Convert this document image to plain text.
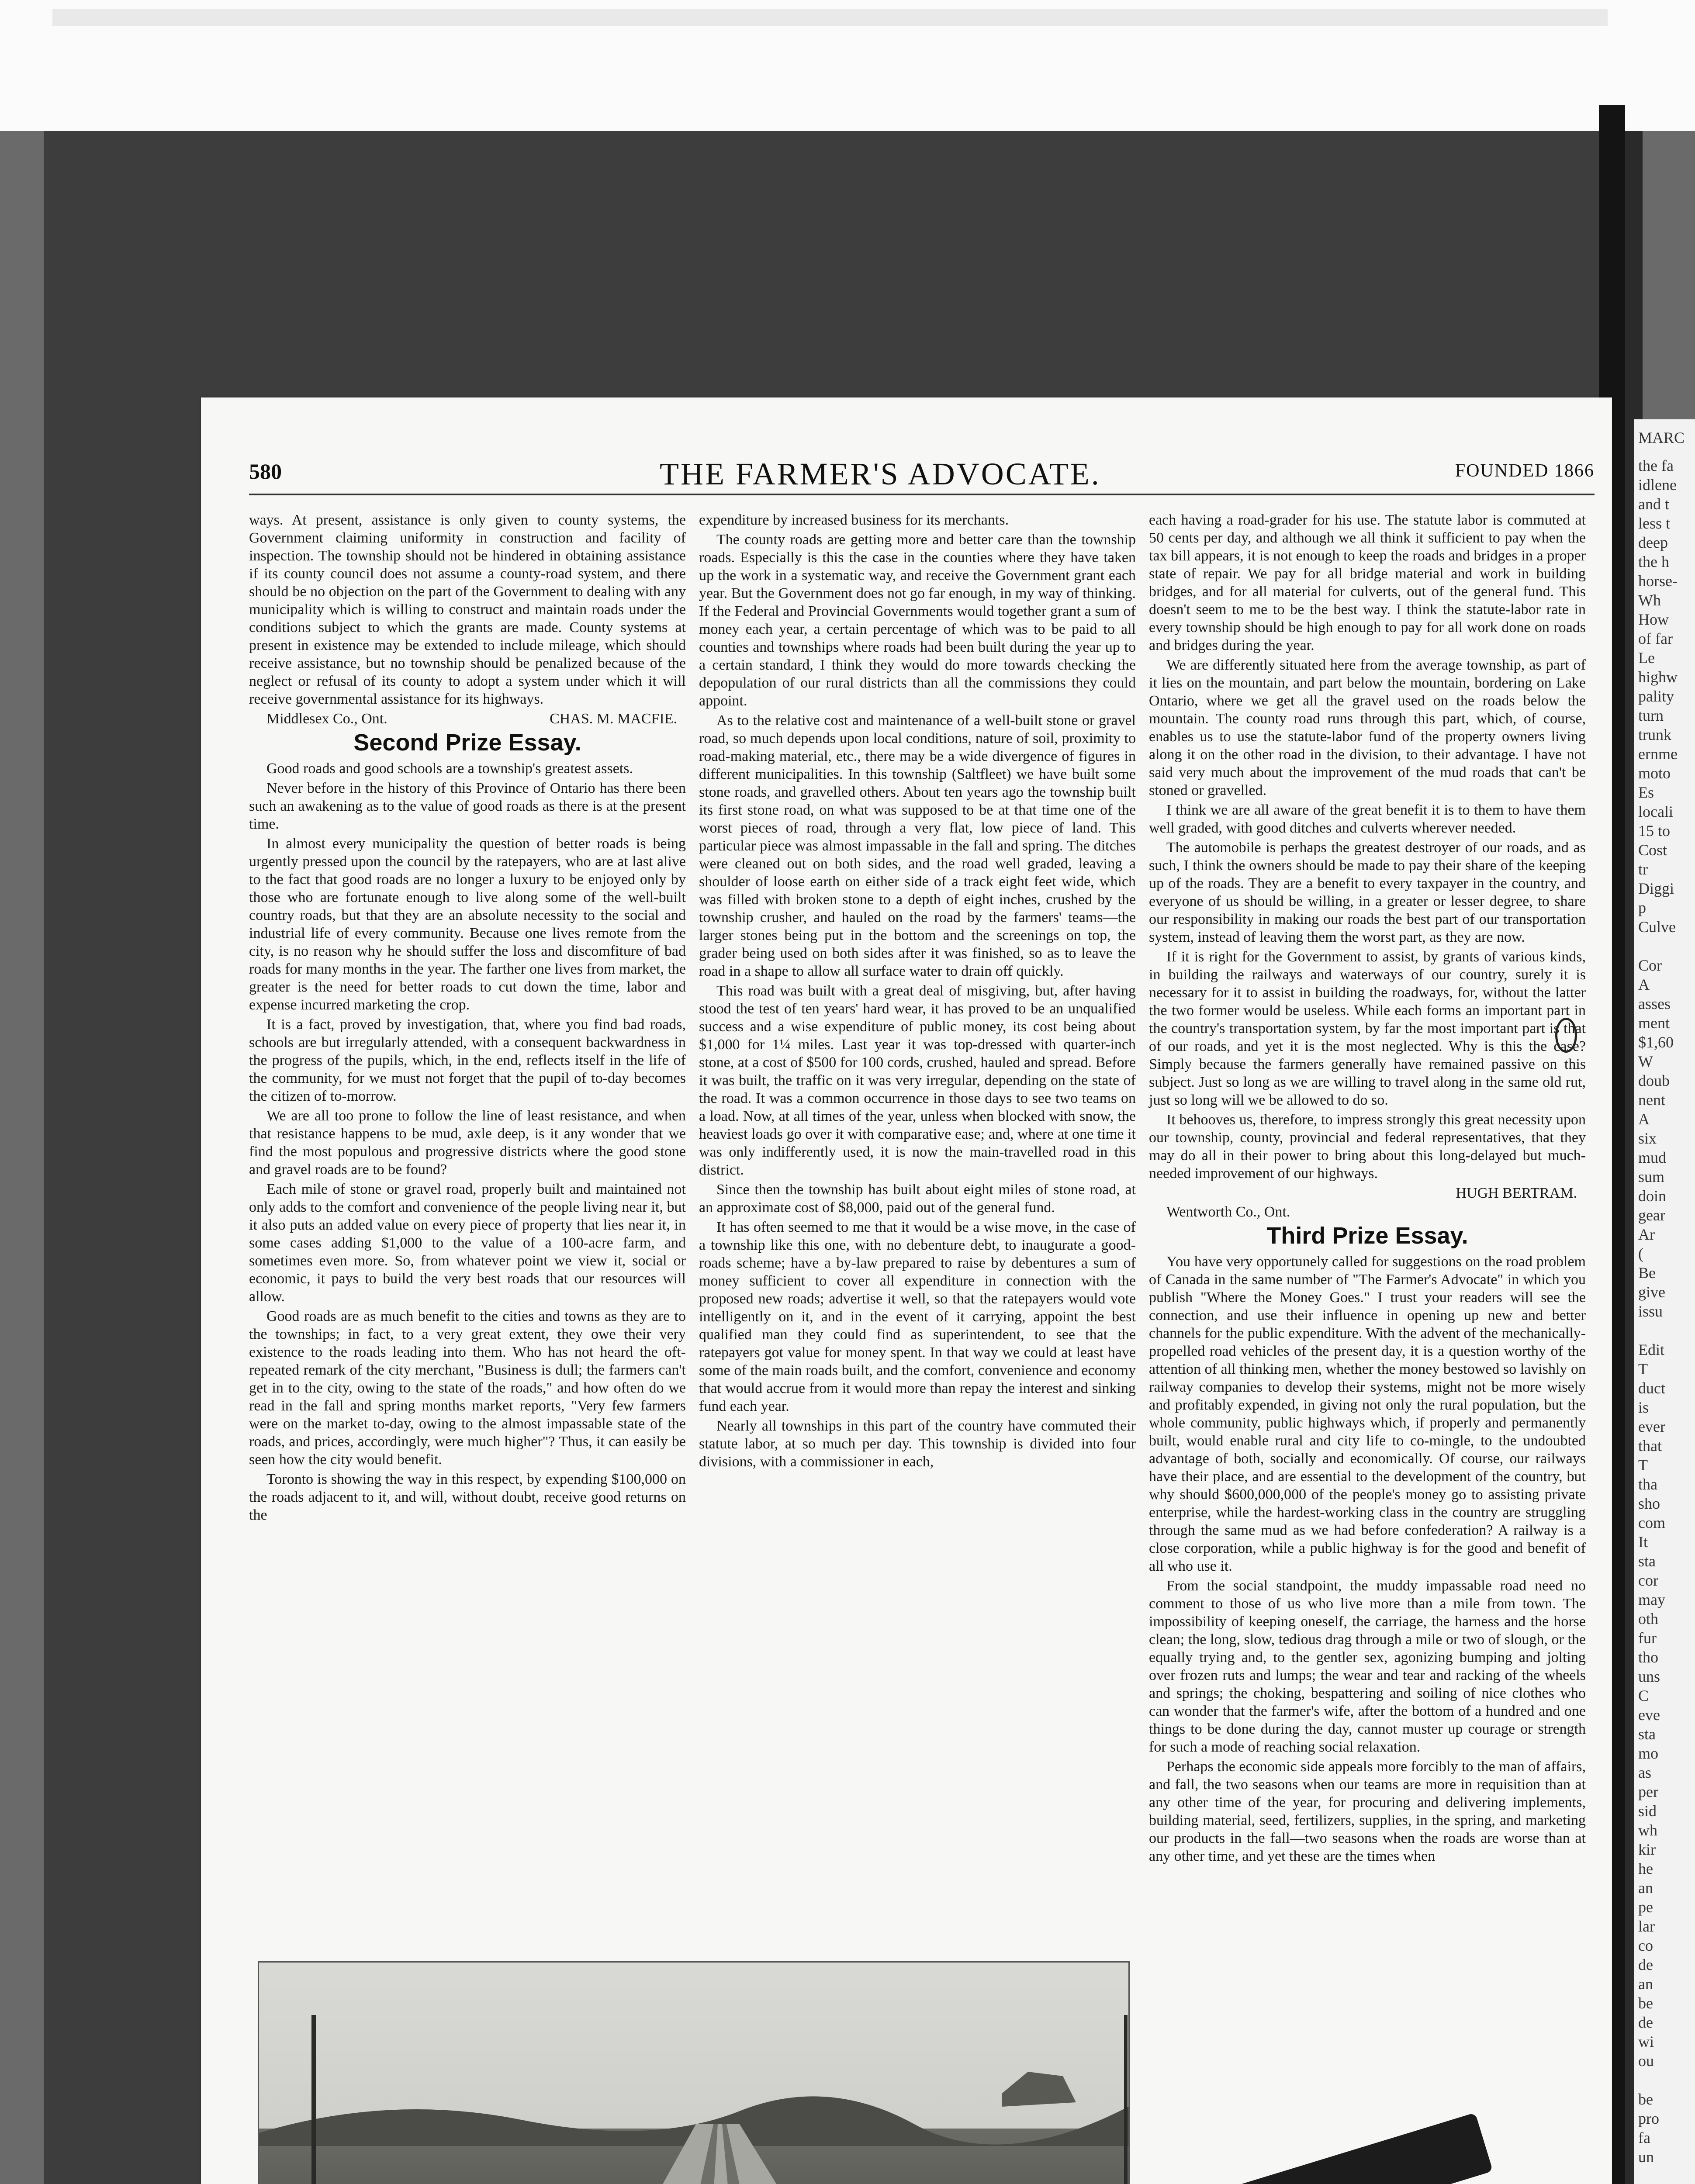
MARC
the fa
idlene
and t
less t
deep
the h
horse-
Wh
How
of far
Le
highw
pality
turn
trunk
ernme
moto
Es
locali
15 to
Cost
tr
Diggi
p
Culve

Cor
A
asses
ment
$1,60
W
doub
nent
A
six
mud
sum
doin
gear
Ar
(
Be
give
issu

Edit
T
duct
is
ever
that
T
tha
sho
com
It
sta
cor
may
oth
fur
tho
uns
C
eve
sta
mo
as
per
sid
wh
kir
he
an
pe
lar
co
de
an
be
de
wi
ou

be
pro
fa
un
580	THE FARMER'S ADVOCATE.	FOUNDED 1866

ways. At present, assistance is only given to county systems, the Government claiming uniformity in construction and facility of inspection. The township should not be hindered in obtaining assistance if its county council does not assume a county-road system, and there should be no objection on the part of the Government to dealing with any municipality which is willing to construct and maintain roads under the conditions subject to which the grants are made. County systems at present in existence may be extended to include mileage, which should receive assistance, but no township should be penalized because of the neglect or refusal of its county to adopt a system under which it will receive governmental assistance for its highways.

Middlesex Co., Ont.	CHAS. M. MACFIE.
Second Prize Essay.

Good roads and good schools are a township's greatest assets.

Never before in the history of this Province of Ontario has there been such an awakening as to the value of good roads as there is at the present time.

In almost every municipality the question of better roads is being urgently pressed upon the council by the ratepayers, who are at last alive to the fact that good roads are no longer a luxury to be enjoyed only by those who are fortunate enough to live along some of the well-built country roads, but that they are an absolute necessity to the social and industrial life of every community. Because one lives remote from the city, is no reason why he should suffer the loss and discomfiture of bad roads for many months in the year. The farther one lives from market, the greater is the need for better roads to cut down the time, labor and expense incurred marketing the crop.

It is a fact, proved by investigation, that, where you find bad roads, schools are but irregularly attended, with a consequent backwardness in the progress of the pupils, which, in the end, reflects itself in the life of the community, for we must not forget that the pupil of to-day becomes the citizen of to-morrow.

We are all too prone to follow the line of least resistance, and when that resistance happens to be mud, axle deep, is it any wonder that we find the most populous and progressive districts where the good stone and gravel roads are to be found?

Each mile of stone or gravel road, properly built and maintained not only adds to the comfort and convenience of the people living near it, but it also puts an added value on every piece of property that lies near it, in some cases adding $1,000 to the value of a 100-acre farm, and sometimes even more. So, from whatever point we view it, social or economic, it pays to build the very best roads that our resources will allow.

Good roads are as much benefit to the cities and towns as they are to the townships; in fact, to a very great extent, they owe their very existence to the roads leading into them. Who has not heard the oft-repeated remark of the city merchant, "Business is dull; the farmers can't get in to the city, owing to the state of the roads," and how often do we read in the fall and spring months market reports, "Very few farmers were on the market to-day, owing to the almost impassable state of the roads, and prices, accordingly, were much higher"? Thus, it can easily be seen how the city would benefit.

Toronto is showing the way in this respect, by expending $100,000 on the roads adjacent to it, and will, without doubt, receive good returns on the

expenditure by increased business for its merchants.

The county roads are getting more and better care than the township roads. Especially is this the case in the counties where they have taken up the work in a systematic way, and receive the Government grant each year. But the Government does not go far enough, in my way of thinking. If the Federal and Provincial Governments would together grant a sum of money each year, a certain percentage of which was to be paid to all counties and townships where roads had been built during the year up to a certain standard, I think they would do more towards checking the depopulation of our rural districts than all the commissions they could appoint.

As to the relative cost and maintenance of a well-built stone or gravel road, so much depends upon local conditions, nature of soil, proximity to road-making material, etc., there may be a wide divergence of figures in different municipalities. In this township (Saltfleet) we have built some stone roads, and gravelled others. About ten years ago the township built its first stone road, on what was supposed to be at that time one of the worst pieces of road, through a very flat, low piece of land. This particular piece was almost impassable in the fall and spring. The ditches were cleaned out on both sides, and the road well graded, leaving a shoulder of loose earth on either side of a track eight feet wide, which was filled with broken stone to a depth of eight inches, crushed by the township crusher, and hauled on the road by the farmers' teams—the larger stones being put in the bottom and the screenings on top, the grader being used on both sides after it was finished, so as to leave the road in a shape to allow all surface water to drain off quickly.

This road was built with a great deal of misgiving, but, after having stood the test of ten years' hard wear, it has proved to be an unqualified success and a wise expenditure of public money, its cost being about $1,000 for 1¼ miles. Last year it was top-dressed with quarter-inch stone, at a cost of $500 for 100 cords, crushed, hauled and spread. Before it was built, the traffic on it was very irregular, depending on the state of the road. It was a common occurrence in those days to see two teams on a load. Now, at all times of the year, unless when blocked with snow, the heaviest loads go over it with comparative ease; and, where at one time it was only indifferently used, it is now the main-travelled road in this district.

Since then the township has built about eight miles of stone road, at an approximate cost of $8,000, paid out of the general fund.

It has often seemed to me that it would be a wise move, in the case of a township like this one, with no debenture debt, to inaugurate a good-roads scheme; have a by-law prepared to raise by debentures a sum of money sufficient to cover all expenditure in connection with the proposed new roads; advertise it well, so that the ratepayers would vote intelligently on it, and in the event of it carrying, appoint the best qualified man they could find as superintendent, to see that the ratepayers got value for money spent. In that way we could at least have some of the main roads built, and the comfort, convenience and economy that would accrue from it would more than repay the interest and sinking fund each year.

Nearly all townships in this part of the country have commuted their statute labor, at so much per day. This township is divided into four divisions, with a commissioner in each,

each having a road-grader for his use. The statute labor is commuted at 50 cents per day, and although we all think it sufficient to pay when the tax bill appears, it is not enough to keep the roads and bridges in a proper state of repair. We pay for all bridge material and work in building bridges, and for all material for culverts, out of the general fund. This doesn't seem to me to be the best way. I think the statute-labor rate in every township should be high enough to pay for all work done on roads and bridges during the year.

We are differently situated here from the average township, as part of it lies on the mountain, and part below the mountain, bordering on Lake Ontario, where we get all the gravel used on the roads below the mountain. The county road runs through this part, which, of course, enables us to use the statute-labor fund of the property owners living along it on the other road in the division, to their advantage. I have not said very much about the improvement of the mud roads that can't be stoned or gravelled.

I think we are all aware of the great benefit it is to them to have them well graded, with good ditches and culverts wherever needed.

The automobile is perhaps the greatest destroyer of our roads, and as such, I think the owners should be made to pay their share of the keeping up of the roads. They are a benefit to every taxpayer in the country, and everyone of us should be willing, in a greater or lesser degree, to share our responsibility in making our roads the best part of our transportation system, instead of leaving them the worst part, as they are now.

If it is right for the Government to assist, by grants of various kinds, in building the railways and waterways of our country, surely it is necessary for it to assist in building the roadways, for, without the latter the two former would be useless. While each forms an important part in the country's transportation system, by far the most important part is that of our roads, and yet it is the most neglected. Why is this the case? Simply because the farmers generally have remained passive on this subject. Just so long as we are willing to travel along in the same old rut, just so long will we be allowed to do so.

It behooves us, therefore, to impress strongly this great necessity upon our township, county, provincial and federal representatives, that they may do all in their power to bring about this long-delayed but much-needed improvement of our highways.

HUGH BERTRAM.
Wentworth Co., Ont.
Third Prize Essay.

You have very opportunely called for suggestions on the road problem of Canada in the same number of "The Farmer's Advocate" in which you publish "Where the Money Goes." I trust your readers will see the connection, and use their influence in opening up new and better channels for the public expenditure. With the advent of the mechanically-propelled road vehicles of the present day, it is a question worthy of the attention of all thinking men, whether the money bestowed so lavishly on railway companies to develop their systems, might not be more wisely and profitably expended, in giving not only the rural population, but the whole community, public highways which, if properly and permanently built, would enable rural and city life to co-mingle, to the undoubted advantage of both, socially and economically. Of course, our railways have their place, and are essential to the development of the country, but why should $600,000,000 of the people's money go to assisting private enterprise, while the hardest-working class in the country are struggling through the same mud as we had before confederation? A railway is a close corporation, while a public highway is for the good and benefit of all who use it.

From the social standpoint, the muddy impassable road need no comment to those of us who live more than a mile from town. The impossibility of keeping oneself, the carriage, the harness and the horse clean; the long, slow, tedious drag through a mile or two of slough, or the equally trying and, to the gentler sex, agonizing bumping and jolting over frozen ruts and lumps; the wear and tear and racking of the wheels and springs; the choking, bespattering and soiling of nice clothes who can wonder that the farmer's wife, after the bottom of a hundred and one things to be done during the day, cannot muster up courage or strength for such a mode of reaching social relaxation.

Perhaps the economic side appeals more forcibly to the man of affairs, and fall, the two seasons when our teams are more in requisition than at any other time of the year, for procuring and delivering implements, building material, seed, fertilizers, supplies, in the spring, and marketing our products in the fall—two seasons when the roads are worse than at any other time, and yet these are the times when
